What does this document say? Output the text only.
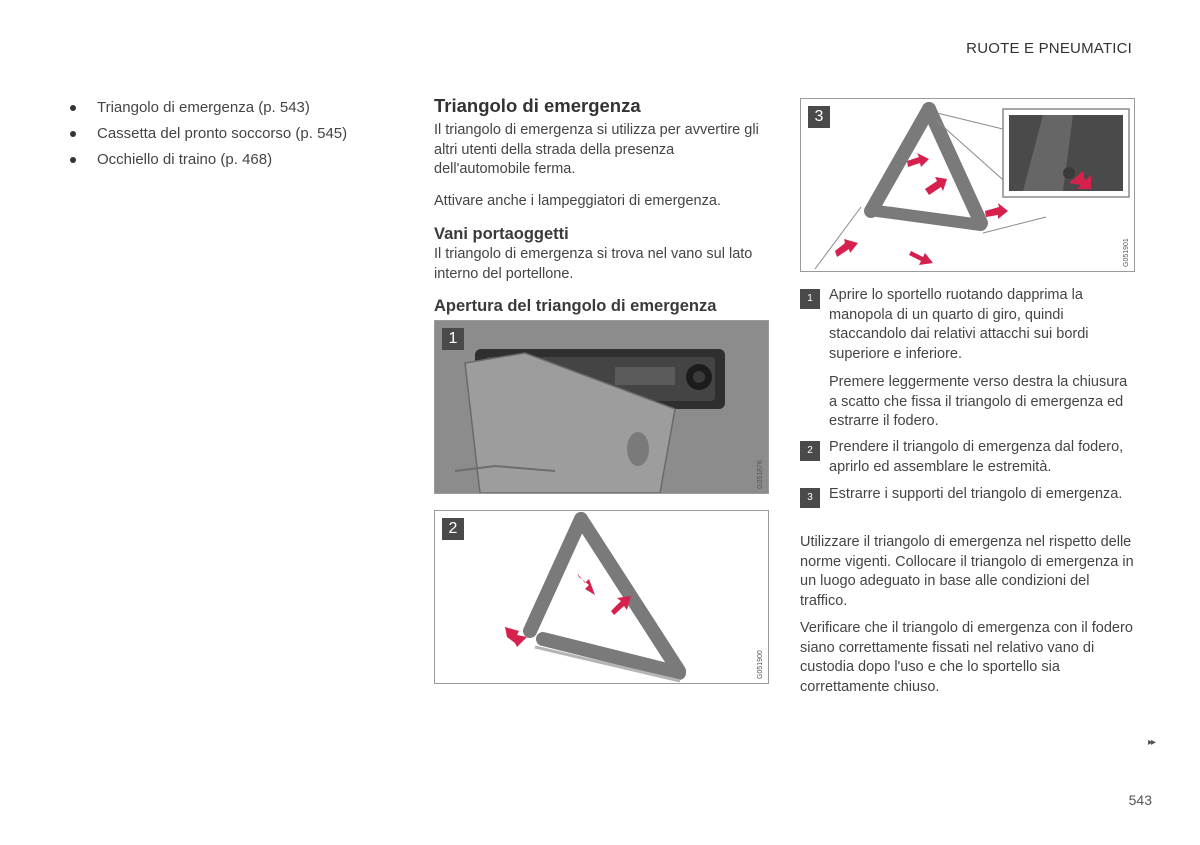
RUOTE E PNEUMATICI
Triangolo di emergenza (p. 543)
Cassetta del pronto soccorso (p. 545)
Occhiello di traino (p. 468)
Triangolo di emergenza

Il triangolo di emergenza si utilizza per avvertire gli altri utenti della strada della presenza dell'automobile ferma.

Attivare anche i lampeggiatori di emergenza.

Vani portaoggetti

Il triangolo di emergenza si trova nel vano sul lato interno del portellone.

Apertura del triangolo di emergenza
1
G051876
2
G051900
3
G051901
1	Aprire lo sportello ruotando dapprima la manopola di un quarto di giro, quindi staccandolo dai relativi attacchi sui bordi superiore e inferiore.
Premere leggermente verso destra la chiusura a scatto che fissa il triangolo di emergenza ed estrarre il fodero.
2	Prendere il triangolo di emergenza dal fodero, aprirlo ed assemblare le estremità.
3	Estrarre i supporti del triangolo di emergenza.

Utilizzare il triangolo di emergenza nel rispetto delle norme vigenti. Collocare il triangolo di emergenza in un luogo adeguato in base alle condizioni del traffico.

Verificare che il triangolo di emergenza con il fodero siano correttamente fissati nel relativo vano di custodia dopo l'uso e che lo sportello sia correttamente chiuso.

▸▸
543
